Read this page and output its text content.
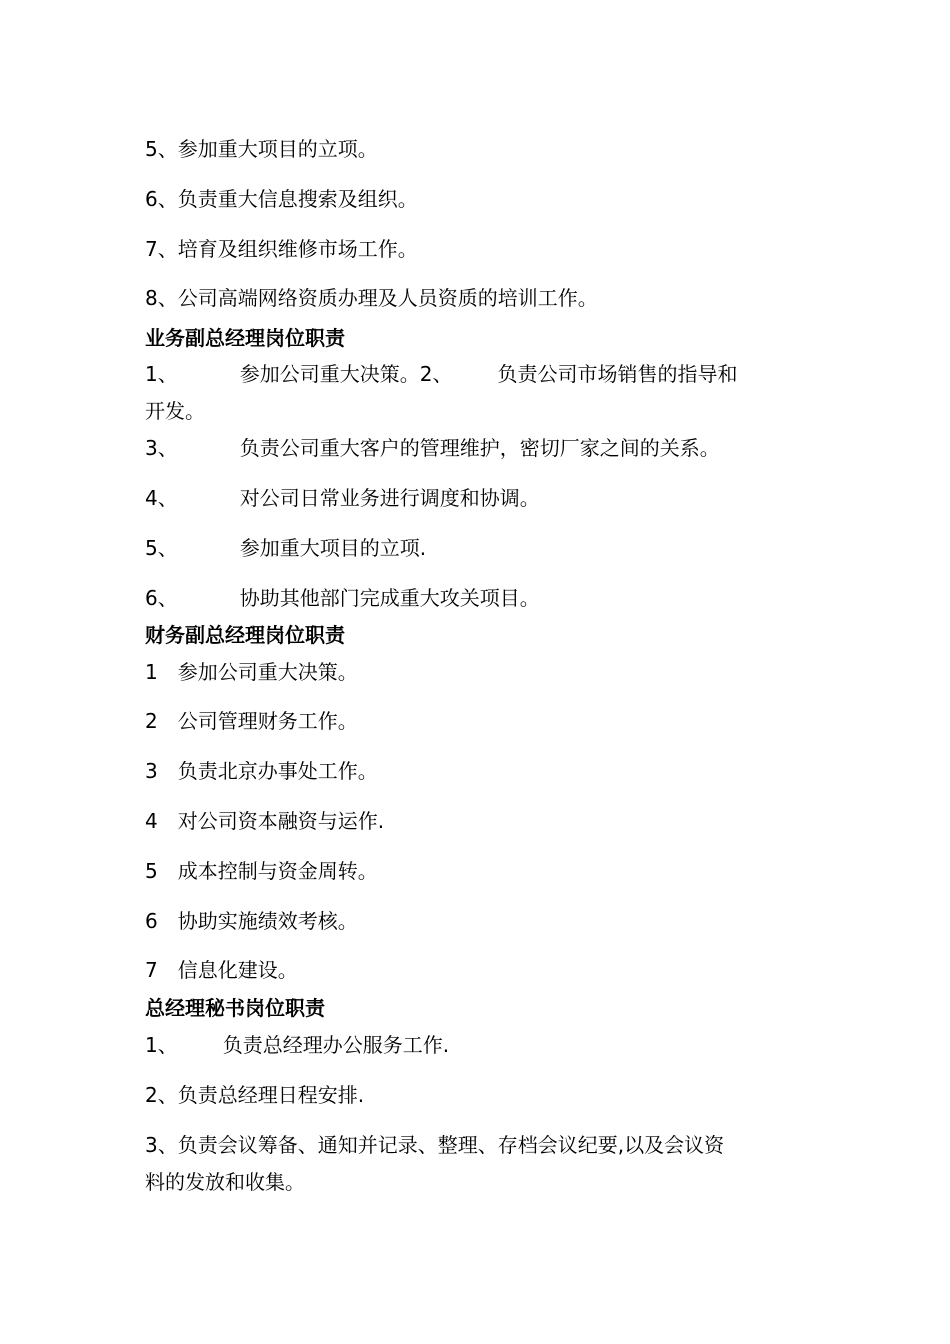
5、参加重大项目的立项。
6、负责重大信息搜索及组织。
7、培育及组织维修市场工作。
8、公司高端网络资质办理及人员资质的培训工作。
业务副总经理岗位职责
1、	参加公司重大决策。2、 负责公司市场销售的指导和
开发。
3、	负责公司重大客户的管理维护，密切厂家之间的关系。
4、	对公司日常业务进行调度和协调。
5、	参加重大项目的立项.
6、	协助其他部门完成重大攻关项目。
财务副总经理岗位职责
1 参加公司重大决策。
2 公司管理财务工作。
3 负责北京办事处工作。
4 对公司资本融资与运作.
5 成本控制与资金周转。
6 协助实施绩效考核。
7 信息化建设。
总经理秘书岗位职责
1、 负责总经理办公服务工作.
2、负责总经理日程安排.
3、负责会议筹备、通知并记录、整理、存档会议纪要,以及会议资
料的发放和收集。
